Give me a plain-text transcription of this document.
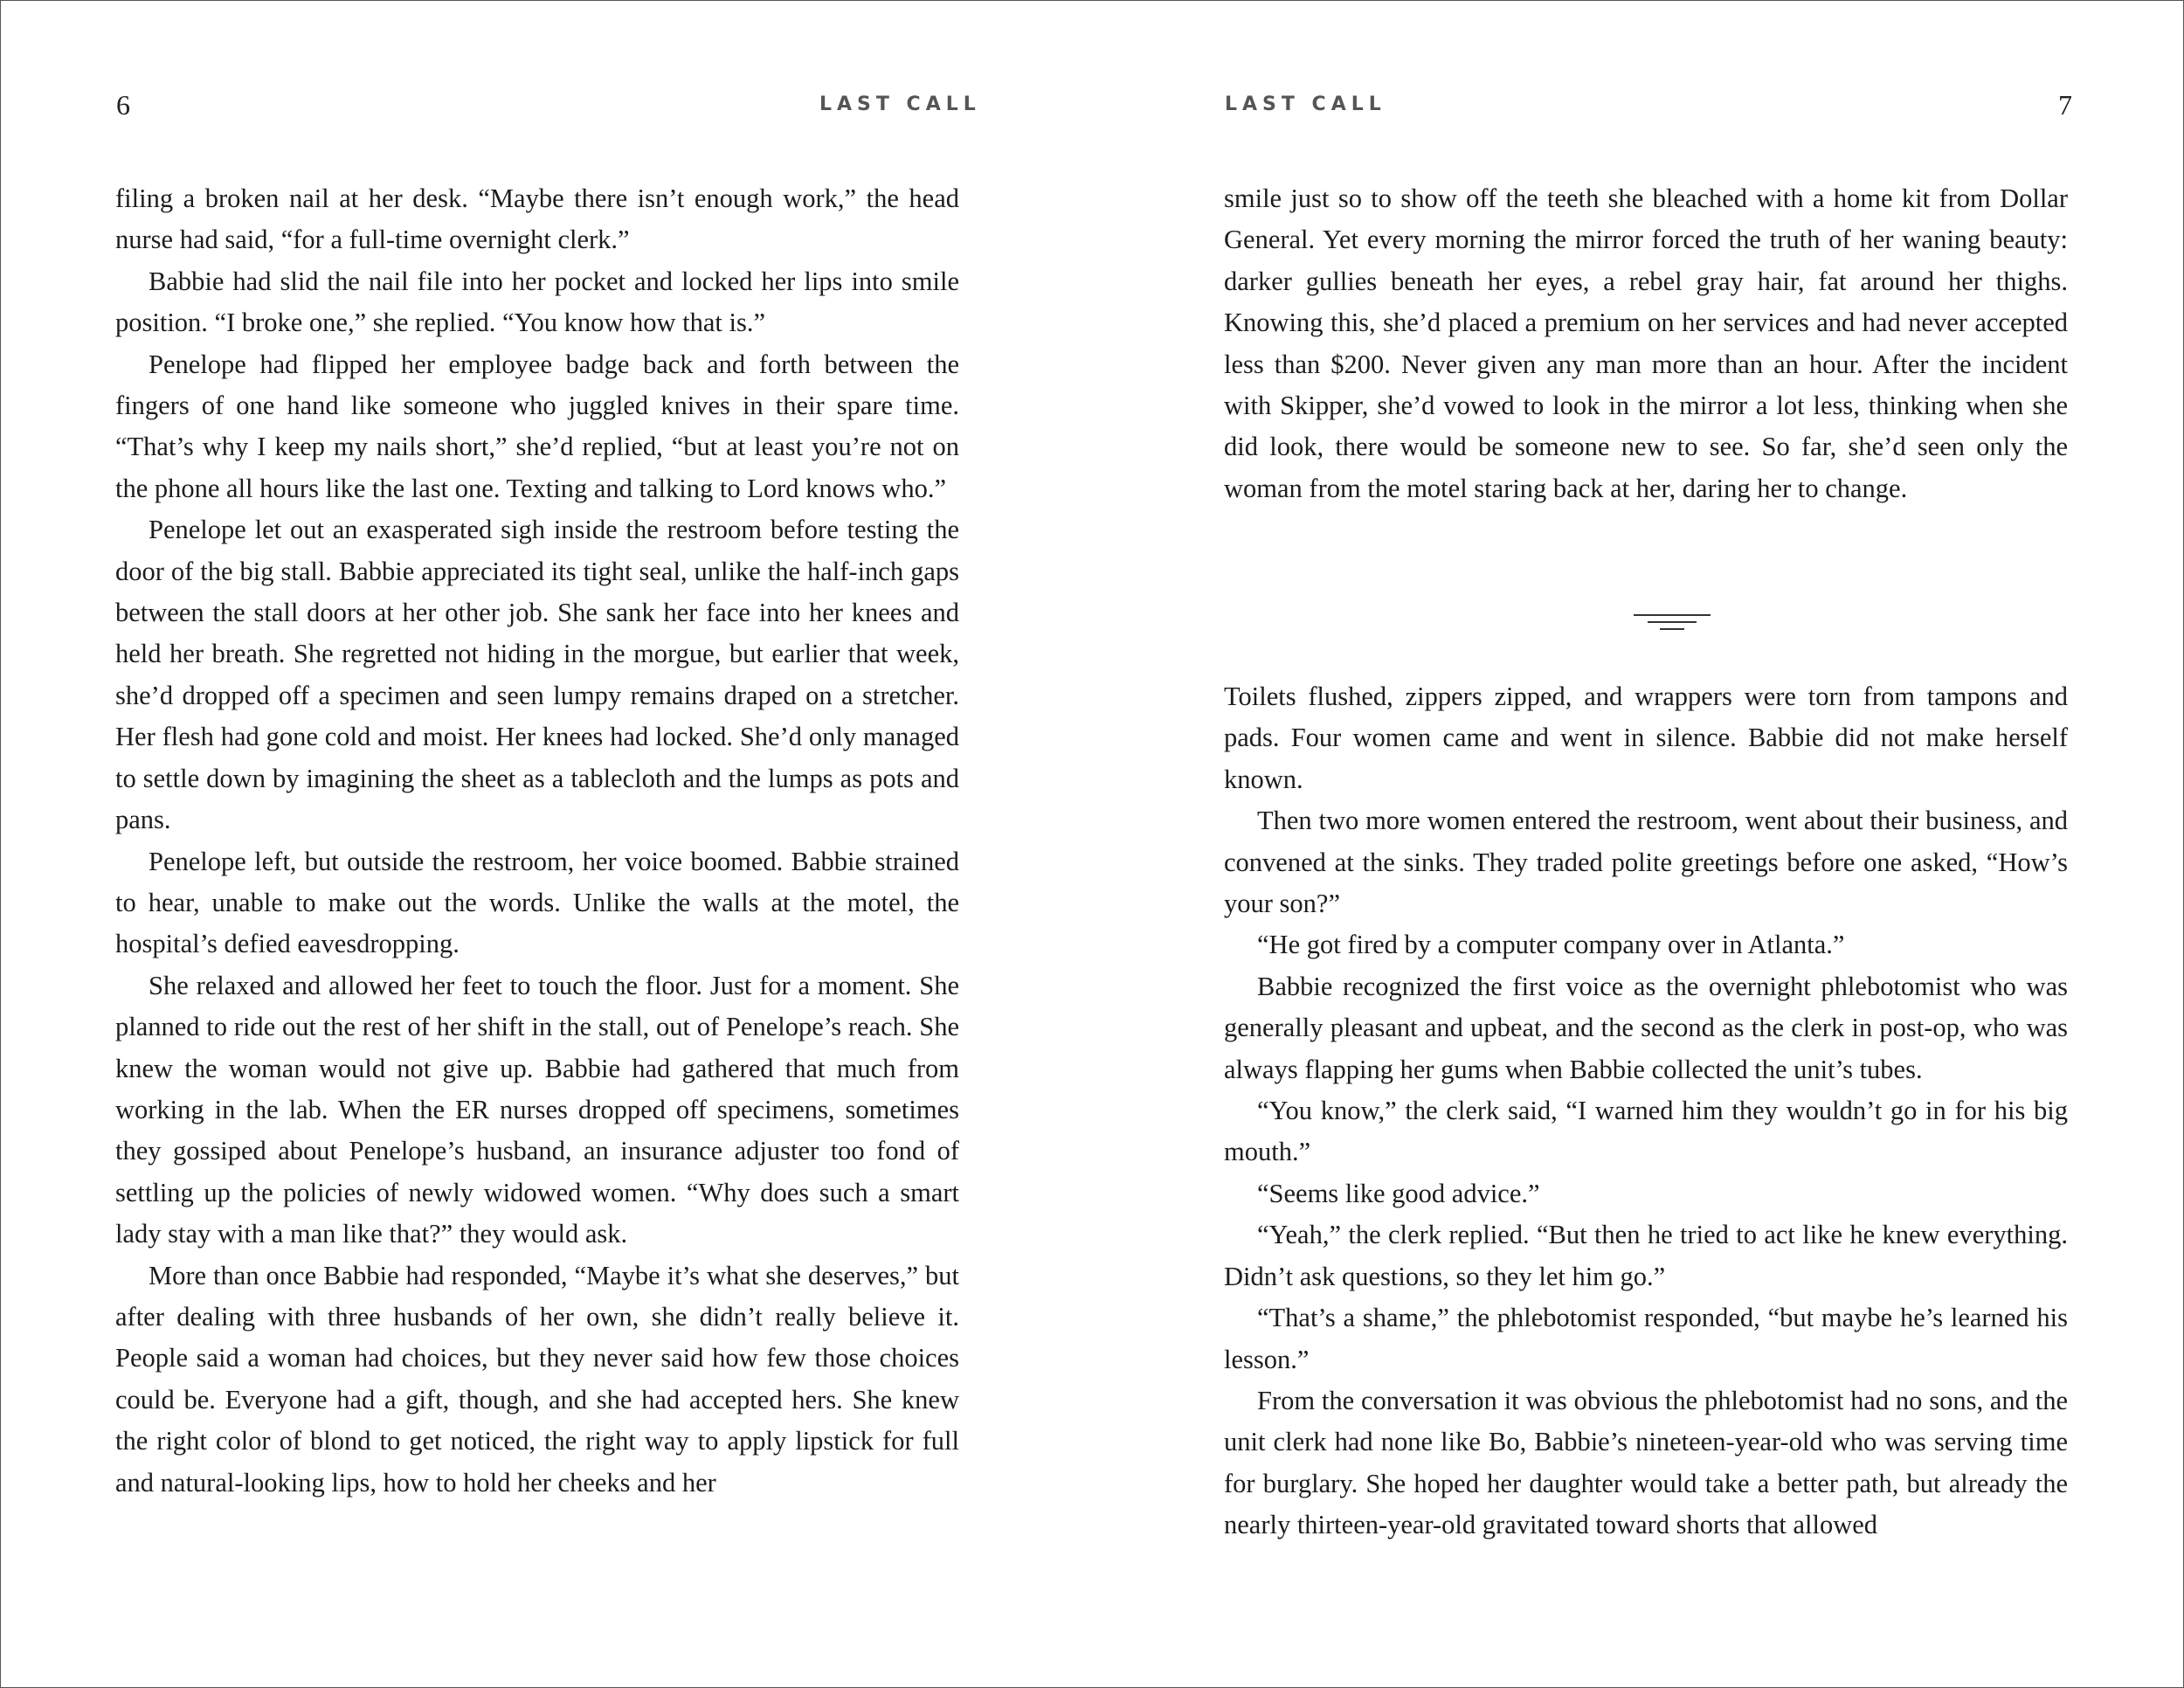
6	LAST CALL

filing a broken nail at her desk. “Maybe there isn’t enough work,” the head nurse had said, “for a full-time overnight clerk.”

Babbie had slid the nail file into her pocket and locked her lips into smile position. “I broke one,” she replied. “You know how that is.”

Penelope had flipped her employee badge back and forth between the fingers of one hand like someone who juggled knives in their spare time. “That’s why I keep my nails short,” she’d replied, “but at least you’re not on the phone all hours like the last one. Texting and talking to Lord knows who.”

Penelope let out an exasperated sigh inside the restroom before testing the door of the big stall. Babbie appreciated its tight seal, unlike the half-inch gaps between the stall doors at her other job. She sank her face into her knees and held her breath. She regretted not hiding in the morgue, but earlier that week, she’d dropped off a specimen and seen lumpy remains draped on a stretcher. Her flesh had gone cold and moist. Her knees had locked. She’d only managed to settle down by imagining the sheet as a tablecloth and the lumps as pots and pans.

Penelope left, but outside the restroom, her voice boomed. Babbie strained to hear, unable to make out the words. Unlike the walls at the motel, the hospital’s defied eavesdropping.

She relaxed and allowed her feet to touch the floor. Just for a moment. She planned to ride out the rest of her shift in the stall, out of Penelope’s reach. She knew the woman would not give up. Babbie had gathered that much from working in the lab. When the ER nurses dropped off specimens, sometimes they gossiped about Penelope’s husband, an insurance adjuster too fond of settling up the policies of newly widowed women. “Why does such a smart lady stay with a man like that?” they would ask.

More than once Babbie had responded, “Maybe it’s what she deserves,” but after dealing with three husbands of her own, she didn’t really believe it. People said a woman had choices, but they never said how few those choices could be. Everyone had a gift, though, and she had accepted hers. She knew the right color of blond to get noticed, the right way to apply lipstick for full and natural-looking lips, how to hold her cheeks and her

LAST CALL	7

smile just so to show off the teeth she bleached with a home kit from Dollar General. Yet every morning the mirror forced the truth of her waning beauty: darker gullies beneath her eyes, a rebel gray hair, fat around her thighs. Knowing this, she’d placed a premium on her services and had never accepted less than $200. Never given any man more than an hour. After the incident with Skipper, she’d vowed to look in the mirror a lot less, thinking when she did look, there would be someone new to see. So far, she’d seen only the woman from the motel staring back at her, daring her to change.

Toilets flushed, zippers zipped, and wrappers were torn from tampons and pads. Four women came and went in silence. Babbie did not make herself known.

Then two more women entered the restroom, went about their business, and convened at the sinks. They traded polite greetings before one asked, “How’s your son?”

“He got fired by a computer company over in Atlanta.”

Babbie recognized the first voice as the overnight phlebotomist who was generally pleasant and upbeat, and the second as the clerk in post-op, who was always flapping her gums when Babbie collected the unit’s tubes.

“You know,” the clerk said, “I warned him they wouldn’t go in for his big mouth.”

“Seems like good advice.”

“Yeah,” the clerk replied. “But then he tried to act like he knew everything. Didn’t ask questions, so they let him go.”

“That’s a shame,” the phlebotomist responded, “but maybe he’s learned his lesson.”

From the conversation it was obvious the phlebotomist had no sons, and the unit clerk had none like Bo, Babbie’s nineteen-year-old who was serving time for burglary. She hoped her daughter would take a better path, but already the nearly thirteen-year-old gravitated toward shorts that allowed
